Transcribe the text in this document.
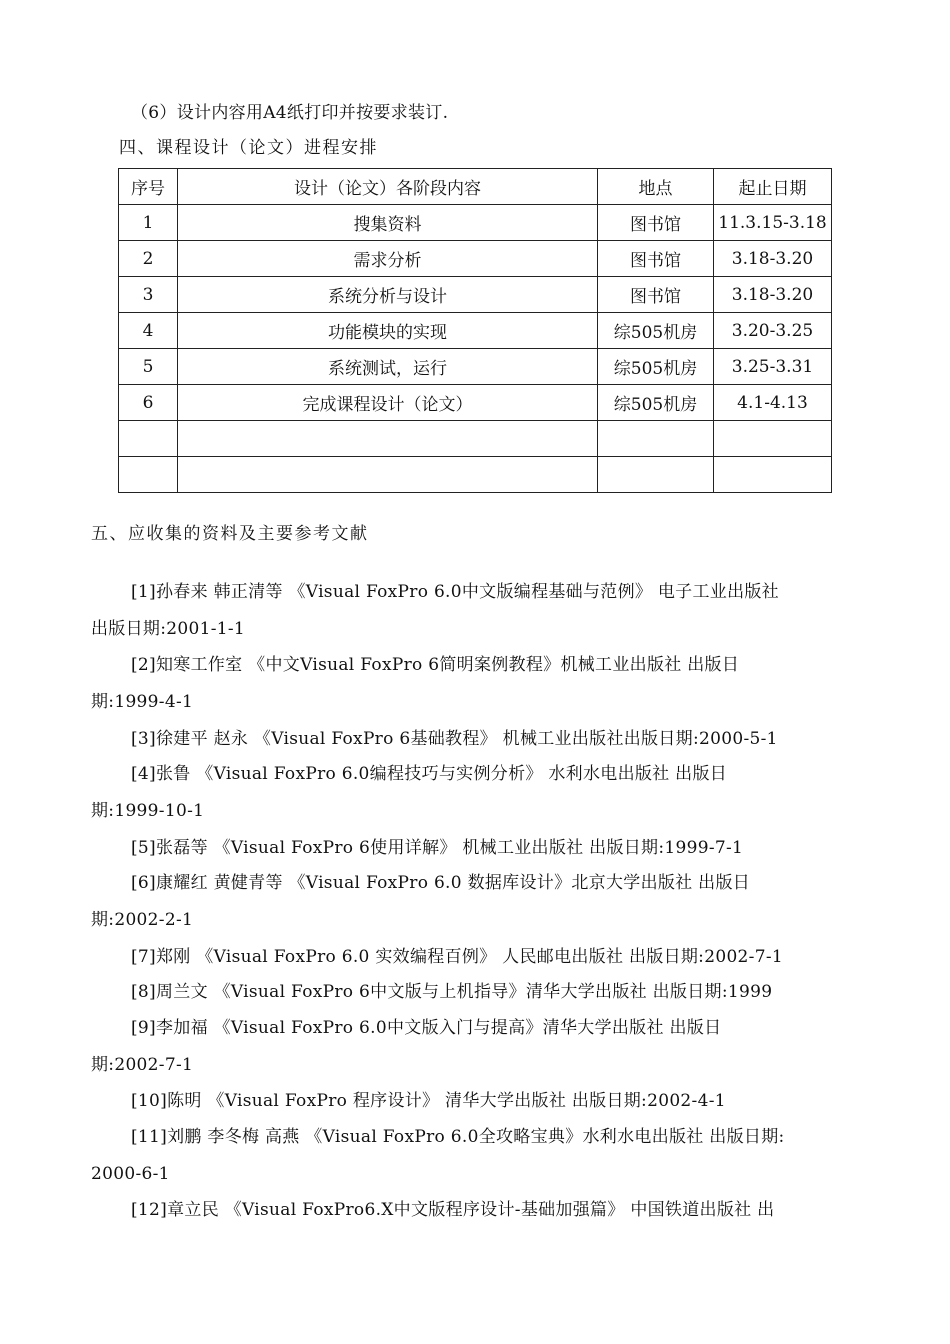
（6）设计内容用A4纸打印并按要求装订.
四、课程设计（论文）进程安排
序号	设计（论文）各阶段内容	地点	起止日期
1	搜集资料	图书馆	11.3.15-3.18
2	需求分析	图书馆	3.18-3.20
3	系统分析与设计	图书馆	3.18-3.20
4	功能模块的实现	综505机房	3.20-3.25
5	系统测试，运行	综505机房	3.25-3.31
6	完成课程设计（论文）	综505机房	4.1-4.13

五、应收集的资料及主要参考文献
[1]孙春来 韩正清等 《Visual FoxPro 6.0中文版编程基础与范例》 电子工业出版社
出版日期:2001-1-1
[2]知寒工作室 《中文Visual FoxPro 6简明案例教程》机械工业出版社 出版日
期:1999-4-1
[3]徐建平 赵永 《Visual FoxPro 6基础教程》 机械工业出版社出版日期:2000-5-1
[4]张鲁 《Visual FoxPro 6.0编程技巧与实例分析》 水利水电出版社 出版日
期:1999-10-1
[5]张磊等 《Visual FoxPro 6使用详解》 机械工业出版社 出版日期:1999-7-1
[6]康耀红 黄健青等 《Visual FoxPro 6.0 数据库设计》北京大学出版社 出版日
期:2002-2-1
[7]郑刚 《Visual FoxPro 6.0 实效编程百例》 人民邮电出版社 出版日期:2002-7-1
[8]周兰文 《Visual FoxPro 6中文版与上机指导》清华大学出版社 出版日期:1999
[9]李加福 《Visual FoxPro 6.0中文版入门与提高》清华大学出版社 出版日
期:2002-7-1
[10]陈明 《Visual FoxPro 程序设计》 清华大学出版社 出版日期:2002-4-1
[11]刘鹏 李冬梅 高燕 《Visual FoxPro 6.0全攻略宝典》水利水电出版社 出版日期:
2000-6-1
[12]章立民 《Visual FoxPro6.X中文版程序设计-基础加强篇》 中国铁道出版社 出
